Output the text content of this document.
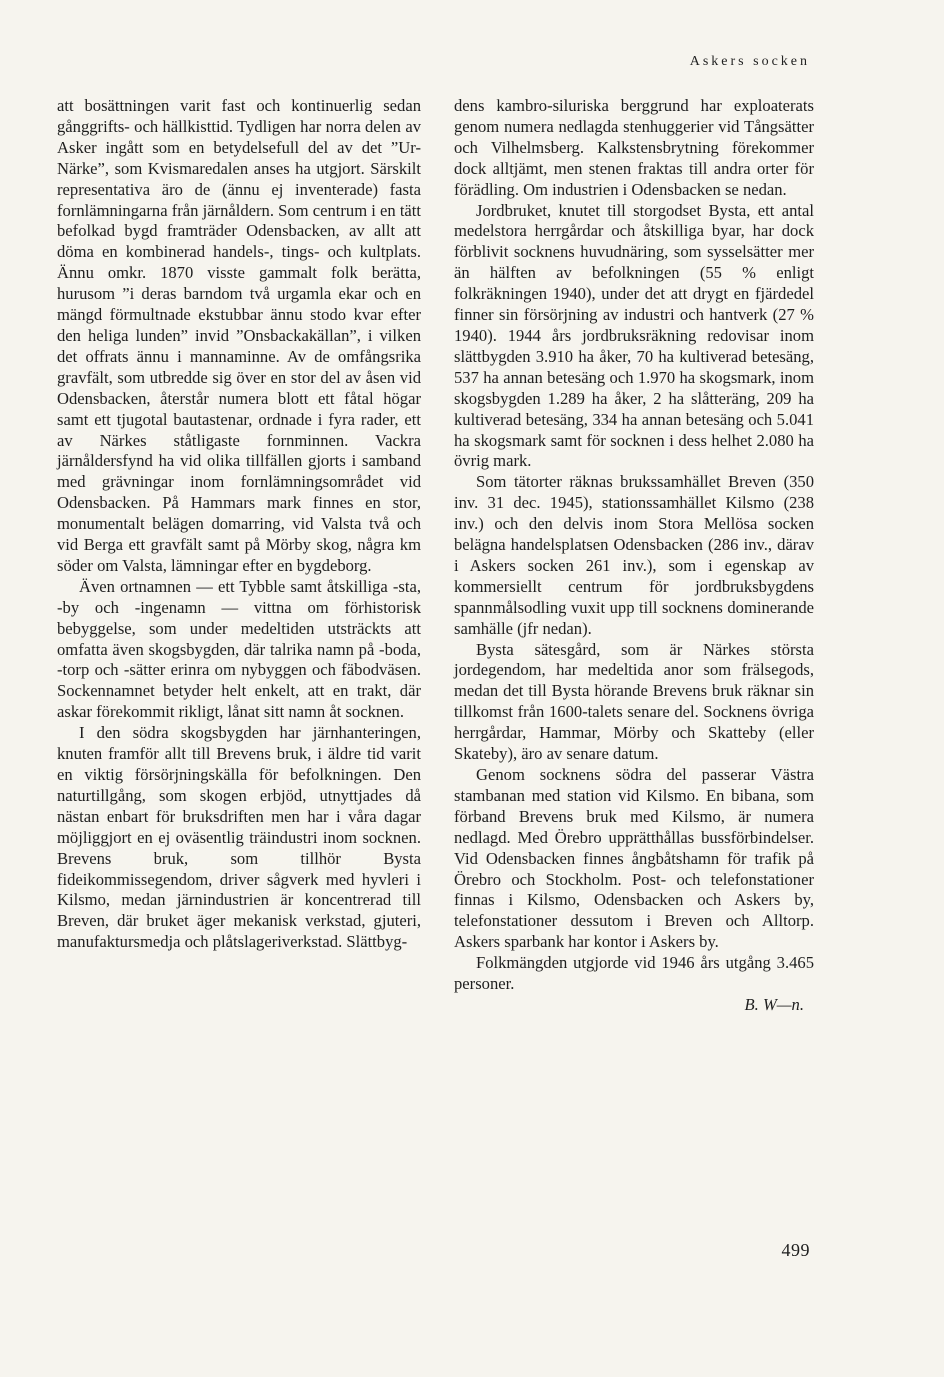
Askers socken

att bosättningen varit fast och kontinuerlig sedan gånggrifts- och hällkisttid. Tydligen har norra delen av Asker ingått som en betydelsefull del av det ”Ur-Närke”, som Kvismaredalen anses ha utgjort. Särskilt representativa äro de (ännu ej inventerade) fasta fornlämningarna från järnåldern. Som centrum i en tätt befolkad bygd framträder Odensbacken, av allt att döma en kombinerad handels-, tings- och kultplats. Ännu omkr. 1870 visste gammalt folk berätta, hurusom ”i deras barndom två urgamla ekar och en mängd förmultnade ekstubbar ännu stodo kvar efter den heliga lunden” invid ”Onsbackakällan”, i vilken det offrats ännu i mannaminne. Av de omfångsrika gravfält, som utbredde sig över en stor del av åsen vid Odensbacken, återstår numera blott ett fåtal högar samt ett tjugotal bautastenar, ordnade i fyra rader, ett av Närkes ståtligaste fornminnen. Vackra järnåldersfynd ha vid olika tillfällen gjorts i samband med grävningar inom fornlämningsområdet vid Odensbacken. På Hammars mark finnes en stor, monumentalt belägen domarring, vid Valsta två och vid Berga ett gravfält samt på Mörby skog, några km söder om Valsta, lämningar efter en bygdeborg.

Även ortnamnen — ett Tybble samt åtskilliga -sta, -by och -ingenamn — vittna om förhistorisk bebyggelse, som under medeltiden utsträckts att omfatta även skogsbygden, där talrika namn på -boda, -torp och -sätter erinra om nybyggen och fäbodväsen. Sockennamnet betyder helt enkelt, att en trakt, där askar förekommit rikligt, lånat sitt namn åt socknen.

I den södra skogsbygden har järnhanteringen, knuten framför allt till Brevens bruk, i äldre tid varit en viktig försörjningskälla för befolkningen. Den naturtillgång, som skogen erbjöd, utnyttjades då nästan enbart för bruksdriften men har i våra dagar möjliggjort en ej oväsentlig träindustri inom socknen. Brevens bruk, som tillhör Bysta fideikommissegendom, driver sågverk med hyvleri i Kilsmo, medan järnindustrien är koncentrerad till Breven, där bruket äger mekanisk verkstad, gjuteri, manufaktursmedja och plåtslageriverkstad. Slättbyg-

dens kambro-siluriska berggrund har exploaterats genom numera nedlagda stenhuggerier vid Tångsätter och Vilhelmsberg. Kalkstensbrytning förekommer dock alltjämt, men stenen fraktas till andra orter för förädling. Om industrien i Odensbacken se nedan.

Jordbruket, knutet till storgodset Bysta, ett antal medelstora herrgårdar och åtskilliga byar, har dock förblivit socknens huvudnäring, som sysselsätter mer än hälften av befolkningen (55 % enligt folkräkningen 1940), under det att drygt en fjärdedel finner sin försörjning av industri och hantverk (27 % 1940). 1944 års jordbruksräkning redovisar inom slättbygden 3.910 ha åker, 70 ha kultiverad betesäng, 537 ha annan betesäng och 1.970 ha skogsmark, inom skogsbygden 1.289 ha åker, 2 ha slåtteräng, 209 ha kultiverad betesäng, 334 ha annan betesäng och 5.041 ha skogsmark samt för socknen i dess helhet 2.080 ha övrig mark.

Som tätorter räknas brukssamhället Breven (350 inv. 31 dec. 1945), stationssamhället Kilsmo (238 inv.) och den delvis inom Stora Mellösa socken belägna handelsplatsen Odensbacken (286 inv., därav i Askers socken 261 inv.), som i egenskap av kommersiellt centrum för jordbruksbygdens spannmålsodling vuxit upp till socknens dominerande samhälle (jfr nedan).

Bysta sätesgård, som är Närkes största jordegendom, har medeltida anor som frälsegods, medan det till Bysta hörande Brevens bruk räknar sin tillkomst från 1600-talets senare del. Socknens övriga herrgårdar, Hammar, Mörby och Skatteby (eller Skateby), äro av senare datum.

Genom socknens södra del passerar Västra stambanan med station vid Kilsmo. En bibana, som förband Brevens bruk med Kilsmo, är numera nedlagd. Med Örebro upprätthållas bussförbindelser. Vid Odensbacken finnes ångbåtshamn för trafik på Örebro och Stockholm. Post- och telefonstationer finnas i Kilsmo, Odensbacken och Askers by, telefonstationer dessutom i Breven och Alltorp. Askers sparbank har kontor i Askers by.

Folkmängden utgjorde vid 1946 års utgång 3.465 personer.

B. W—n.
499
